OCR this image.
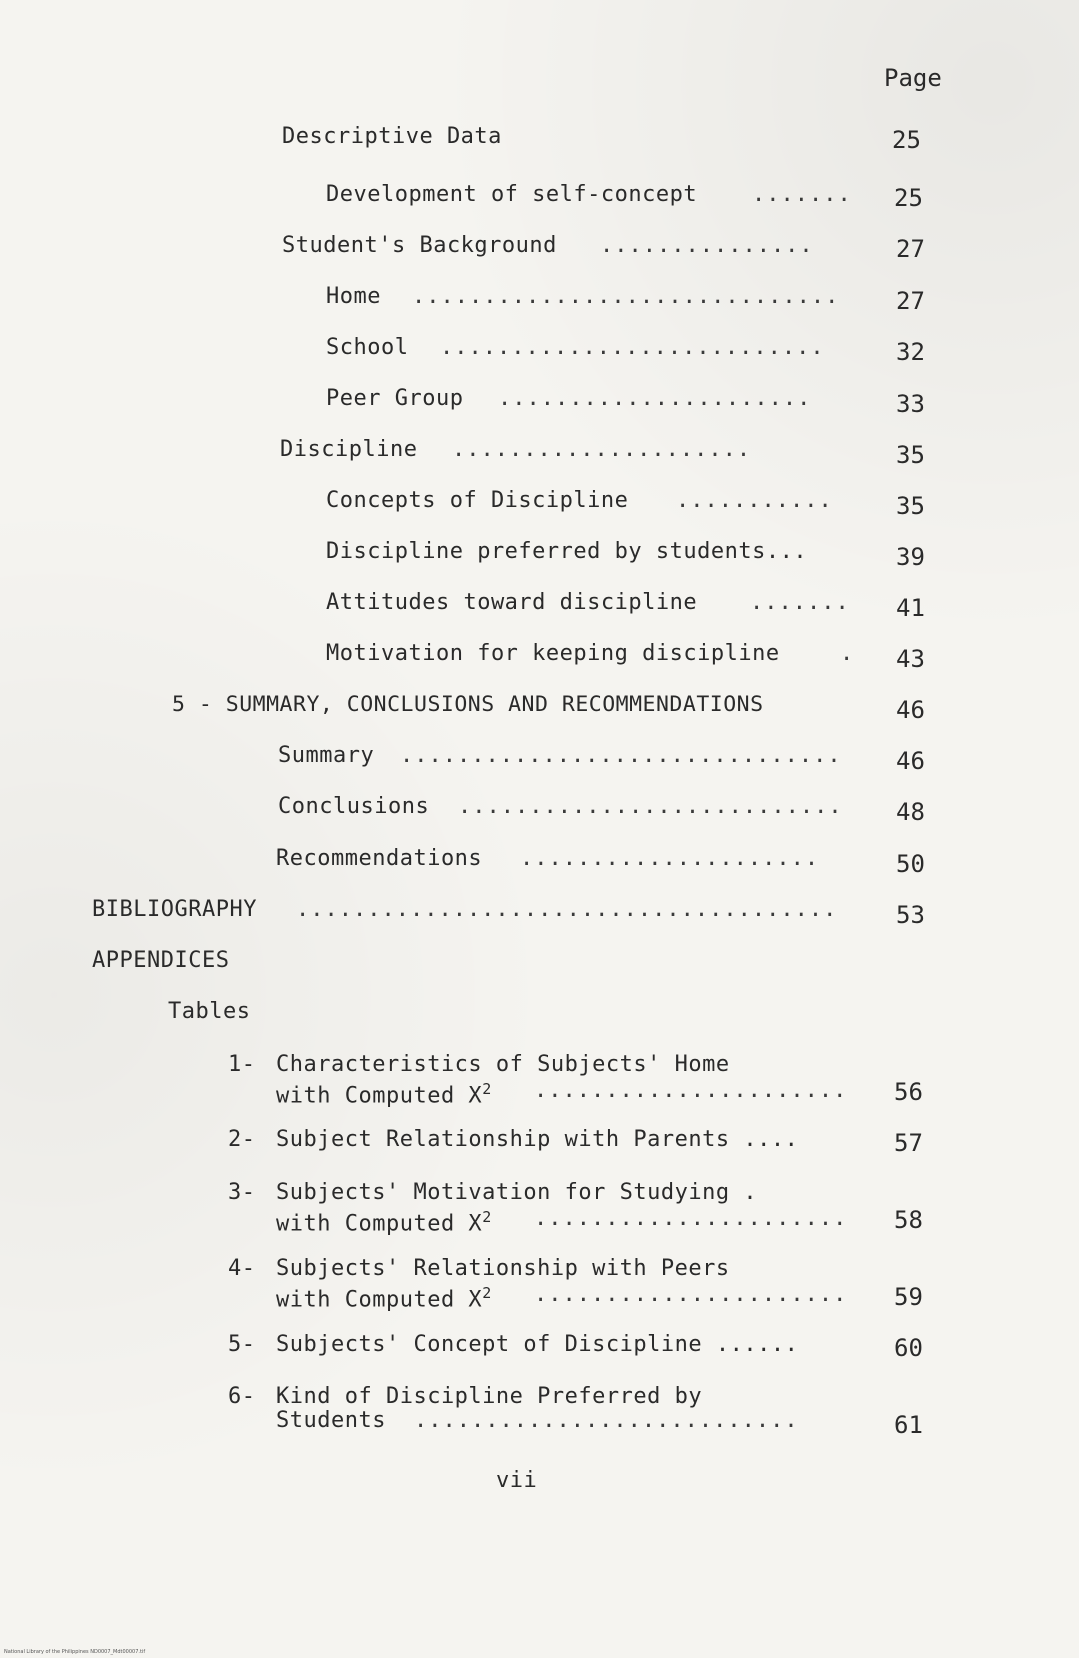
Page
Descriptive Data	25
Development of self-concept ....... 25
Student's Background ...............	27
Home .............................. 27
School ...........................	32
Peer Group ......................	33
Discipline .....................	35
Concepts of Discipline ...........	35
Discipline preferred by students...	39
Attitudes toward discipline ....... 41
Motivation for keeping discipline	. 43
5 - SUMMARY, CONCLUSIONS AND RECOMMENDATIONS	46
Summary ............................... 46
Conclusions ........................... 48
Recommendations .....................	50
BIBLIOGRAPHY ...................................... 53
APPENDICES
Tables
1- Characteristics of Subjects' Home
with Computed $X^2$ ...................... 56
2- Subject Relationship with Parents ....	57
3- Subjects' Motivation for Studying .
with Computed $X^2$ ...................... 58
4- Subjects' Relationship with Peers
with Computed $X^2$ ...................... 59
5- Subjects' Concept of Discipline ......	60
6- Kind of Discipline Preferred by
Students ...........................	61
vii
National Library of the Philippines ND0007_Mdt00007.tif
